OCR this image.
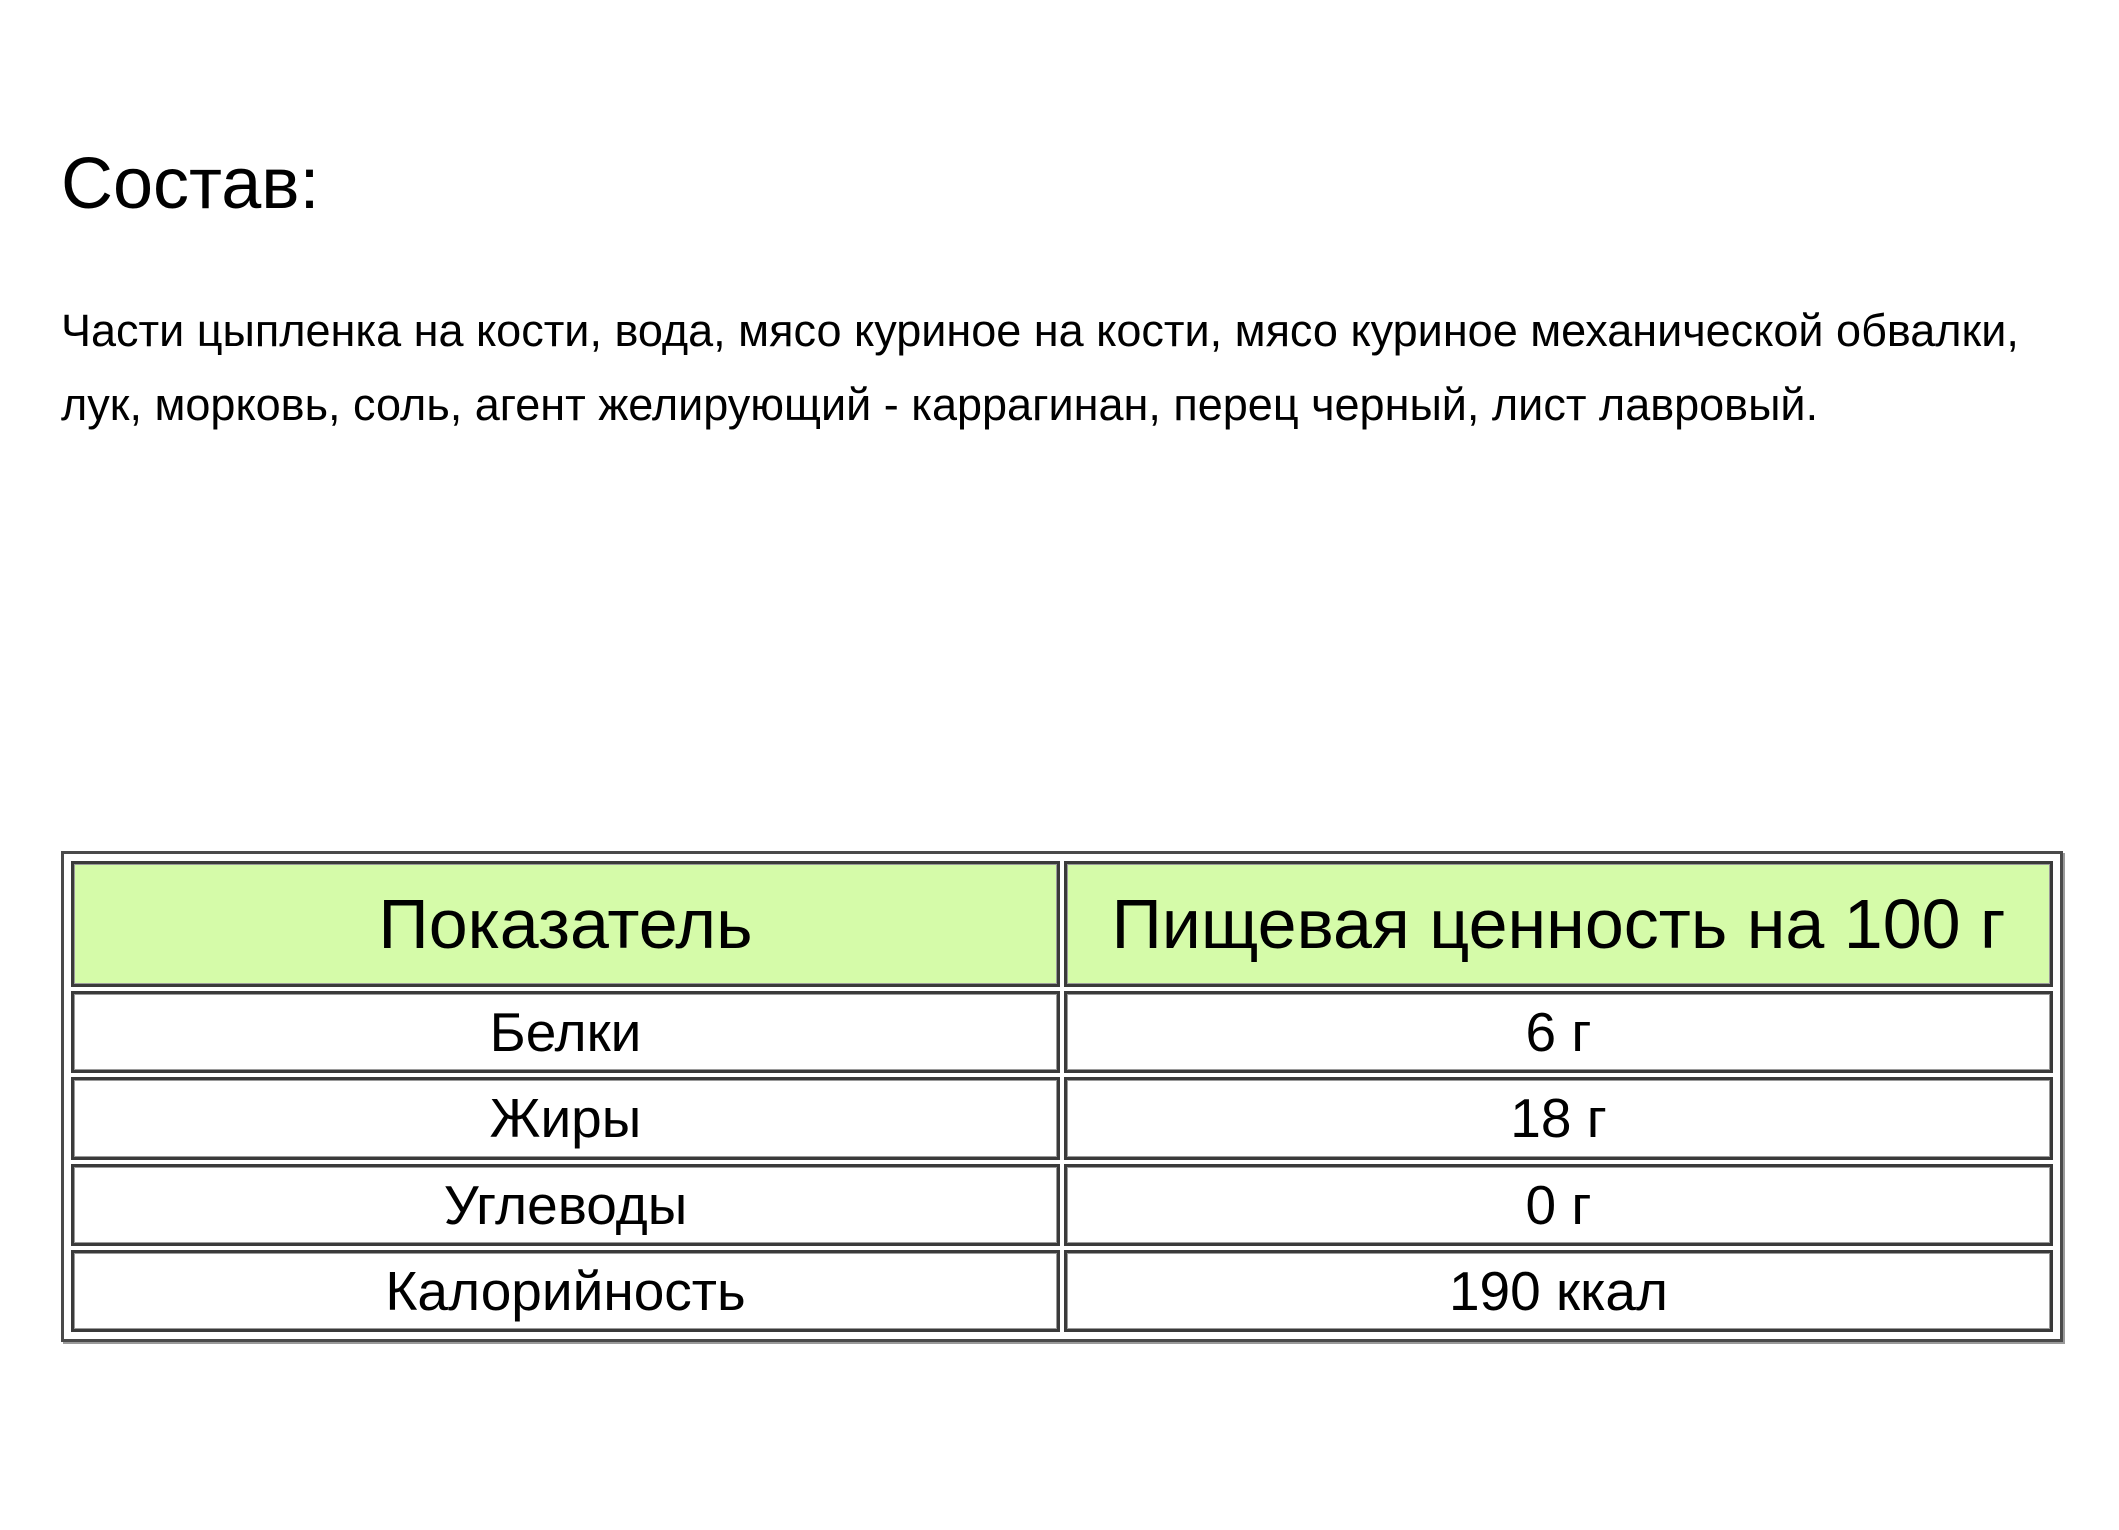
Состав:

Части цыпленка на кости, вода, мясо куриное на кости, мясо куриное механической обвалки, лук, морковь, соль, агент желирующий - каррагинан, перец черный, лист лавровый.

Показатель	Пищевая ценность на 100 г
Белки	6 г
Жиры	18 г
Углеводы	0 г
Калорийность	190 ккал
